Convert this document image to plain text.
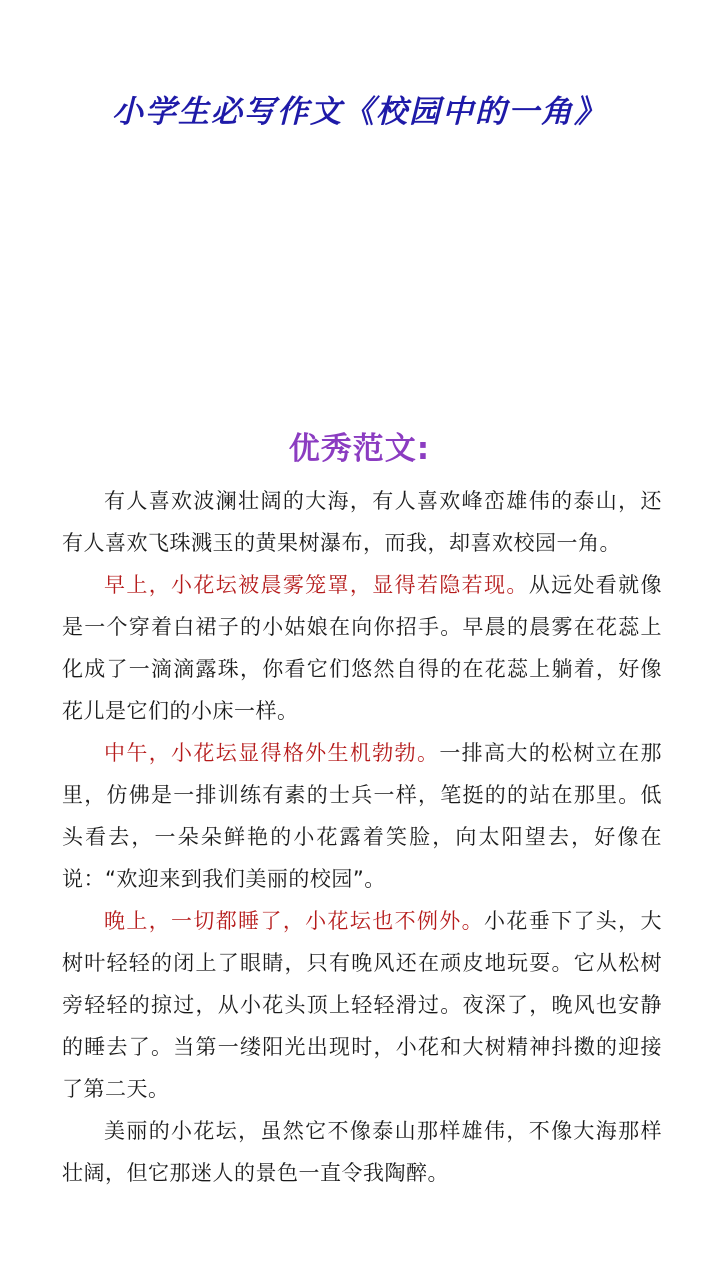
小学生必写作文《校园中的一角》
优秀范文:

有人喜欢波澜壮阔的大海，有人喜欢峰峦雄伟的泰山，还有人喜欢飞珠溅玉的黄果树瀑布，而我，却喜欢校园一角。

早上，小花坛被晨雾笼罩，显得若隐若现。从远处看就像是一个穿着白裙子的小姑娘在向你招手。早晨的晨雾在花蕊上化成了一滴滴露珠，你看它们悠然自得的在花蕊上躺着，好像花儿是它们的小床一样。

中午，小花坛显得格外生机勃勃。一排高大的松树立在那里，仿佛是一排训练有素的士兵一样，笔挺的的站在那里。低头看去，一朵朵鲜艳的小花露着笑脸，向太阳望去，好像在说：“欢迎来到我们美丽的校园”。

晚上，一切都睡了，小花坛也不例外。小花垂下了头，大树叶轻轻的闭上了眼睛，只有晚风还在顽皮地玩耍。它从松树旁轻轻的掠过，从小花头顶上轻轻滑过。夜深了，晚风也安静的睡去了。当第一缕阳光出现时，小花和大树精神抖擞的迎接了第二天。

美丽的小花坛，虽然它不像泰山那样雄伟，不像大海那样壮阔，但它那迷人的景色一直令我陶醉。
